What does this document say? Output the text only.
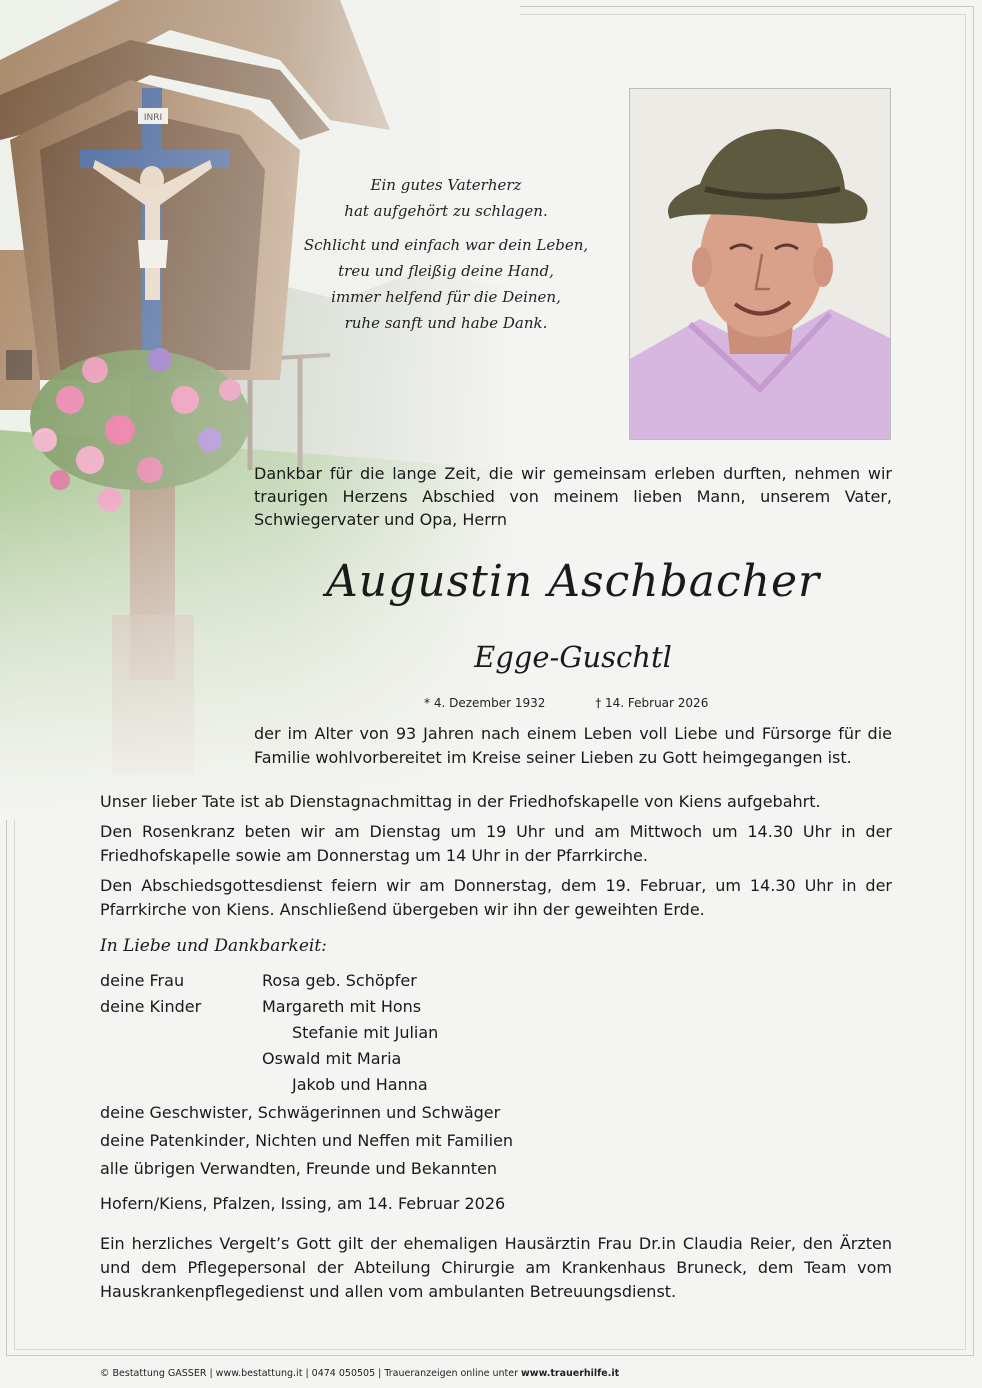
Ein gutes Vaterherz
hat aufgehört zu schlagen.
Schlicht und einfach war dein Leben,
treu und fleißig deine Hand,
immer helfend für die Deinen,
ruhe sanft und habe Dank.
Dankbar für die lange Zeit, die wir gemeinsam erleben durften, nehmen wir traurigen Herzens Abschied von meinem lieben Mann, unserem Vater, Schwiegervater und Opa, Herrn
Augustin Aschbacher
Egge-Guschtl
* 4. Dezember 1932	† 14. Februar 2026
der im Alter von 93 Jahren nach einem Leben voll Liebe und Fürsorge für die Familie wohlvorbereitet im Kreise seiner Lieben zu Gott heimgegangen ist.

Unser lieber Tate ist ab Dienstagnachmittag in der Friedhofskapelle von Kiens aufgebahrt.

Den Rosenkranz beten wir am Dienstag um 19 Uhr und am Mittwoch um 14.30 Uhr in der Friedhofskapelle sowie am Donnerstag um 14 Uhr in der Pfarrkirche.

Den Abschiedsgottesdienst feiern wir am Donnerstag, dem 19. Februar, um 14.30 Uhr in der Pfarrkirche von Kiens. Anschließend übergeben wir ihn der geweihten Erde.

In Liebe und Dankbarkeit:
deine Frau	Rosa geb. Schöpfer
deine Kinder	Margareth mit Hons
Stefanie mit Julian
Oswald mit Maria
Jakob und Hanna
deine Geschwister, Schwägerinnen und Schwäger
deine Patenkinder, Nichten und Neffen mit Familien
alle übrigen Verwandten, Freunde und Bekannten
Hofern/Kiens, Pfalzen, Issing, am 14. Februar 2026
Ein herzliches Vergelt’s Gott gilt der ehemaligen Hausärztin Frau Dr.in Claudia Reier, den Ärzten und dem Pflegepersonal der Abteilung Chirurgie am Krankenhaus Bruneck, dem Team vom Hauskrankenpflegedienst und allen vom ambulanten Betreuungsdienst.
© Bestattung GASSER | www.bestattung.it | 0474 050505 | Traueranzeigen online unter www.trauerhilfe.it
